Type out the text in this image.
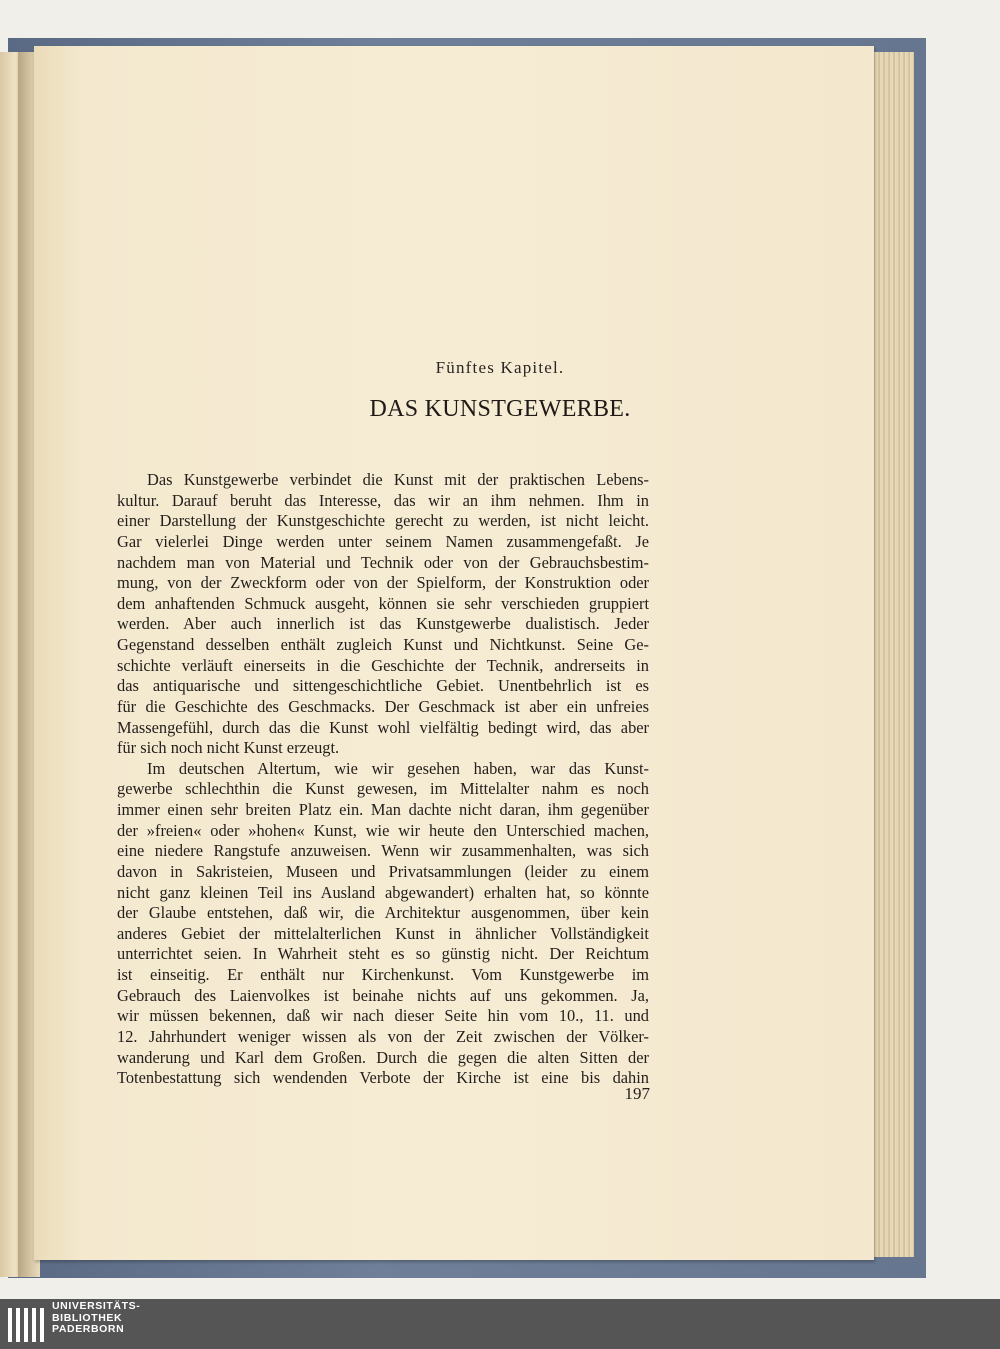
Fünftes Kapitel.
DAS KUNSTGEWERBE.

Das Kunstgewerbe verbindet die Kunst mit der praktischen Lebens-
kultur. Darauf beruht das Interesse, das wir an ihm nehmen. Ihm in
einer Darstellung der Kunstgeschichte gerecht zu werden, ist nicht leicht.
Gar vielerlei Dinge werden unter seinem Namen zusammengefaßt. Je
nachdem man von Material und Technik oder von der Gebrauchsbestim-
mung, von der Zweckform oder von der Spielform, der Konstruktion oder
dem anhaftenden Schmuck ausgeht, können sie sehr verschieden gruppiert
werden. Aber auch innerlich ist das Kunstgewerbe dualistisch. Jeder
Gegenstand desselben enthält zugleich Kunst und Nichtkunst. Seine Ge-
schichte verläuft einerseits in die Geschichte der Technik, andrerseits in
das antiquarische und sittengeschichtliche Gebiet. Unentbehrlich ist es
für die Geschichte des Geschmacks. Der Geschmack ist aber ein unfreies
Massengefühl, durch das die Kunst wohl vielfältig bedingt wird, das aber
für sich noch nicht Kunst erzeugt.

Im deutschen Altertum, wie wir gesehen haben, war das Kunst-
gewerbe schlechthin die Kunst gewesen, im Mittelalter nahm es noch
immer einen sehr breiten Platz ein. Man dachte nicht daran, ihm gegenüber
der »freien« oder »hohen« Kunst, wie wir heute den Unterschied machen,
eine niedere Rangstufe anzuweisen. Wenn wir zusammenhalten, was sich
davon in Sakristeien, Museen und Privatsammlungen (leider zu einem
nicht ganz kleinen Teil ins Ausland abgewandert) erhalten hat, so könnte
der Glaube entstehen, daß wir, die Architektur ausgenommen, über kein
anderes Gebiet der mittelalterlichen Kunst in ähnlicher Vollständigkeit
unterrichtet seien. In Wahrheit steht es so günstig nicht. Der Reichtum
ist einseitig. Er enthält nur Kirchenkunst. Vom Kunstgewerbe im
Gebrauch des Laienvolkes ist beinahe nichts auf uns gekommen. Ja,
wir müssen bekennen, daß wir nach dieser Seite hin vom 10., 11. und
12. Jahrhundert weniger wissen als von der Zeit zwischen der Völker-
wanderung und Karl dem Großen. Durch die gegen die alten Sitten der
Totenbestattung sich wendenden Verbote der Kirche ist eine bis dahin

197
UNIVERSITÄTS-
BIBLIOTHEK
PADERBORN
